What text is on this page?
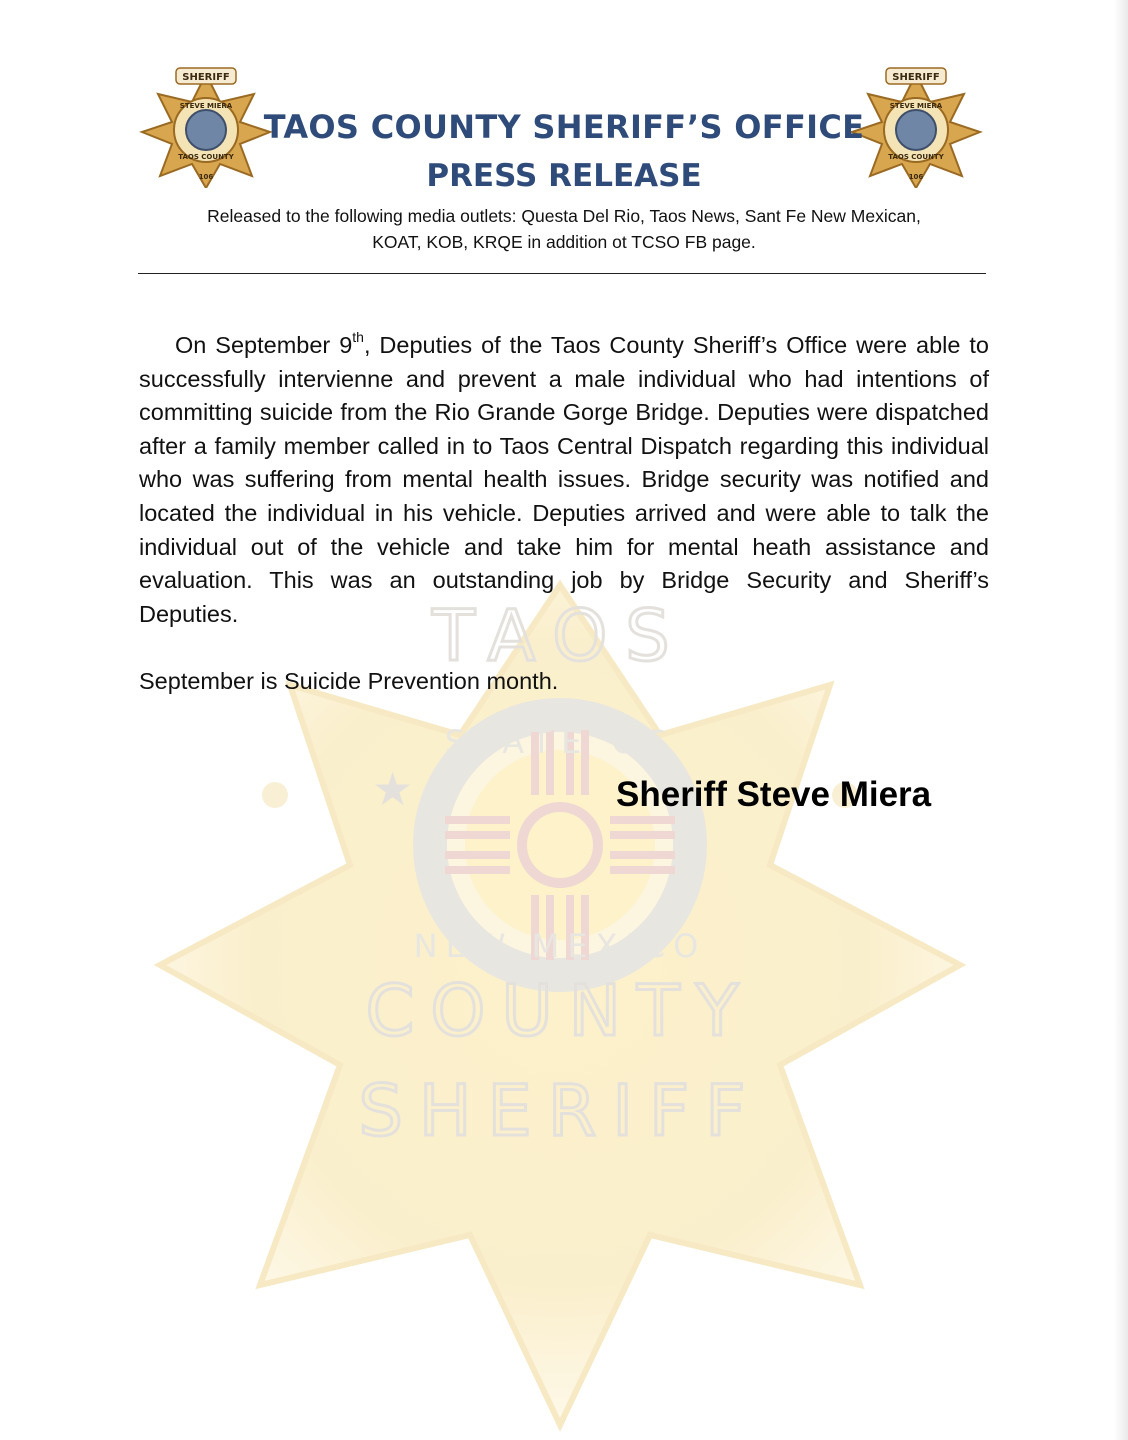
★
TAOS
STATE OF
NEW MEXICO
COUNTY
SHERIFF
SHERIFF
STEVE MIERA
TAOS COUNTY
106
SHERIFF
STEVE MIERA
TAOS COUNTY
106
TAOS COUNTY SHERIFF’S OFFICE
PRESS RELEASE
Released to the following media outlets: Questa Del Rio, Taos News, Sant Fe New Mexican,
KOAT, KOB, KRQE in addition ot TCSO FB page.

On September 9th, Deputies of the Taos County Sheriff’s Office were able to successfully intervienne and prevent a male individual who had intentions of committing suicide from the Rio Grande Gorge Bridge. Deputies were dispatched after a family member called in to Taos Central Dispatch regarding this individual who was suffering from mental health issues. Bridge security was notified and located the individual in his vehicle. Deputies arrived and were able to talk the individual out of the vehicle and take him for mental heath assistance and evaluation. This was an outstanding job by Bridge Security and Sheriff’s Deputies.

September is Suicide Prevention month.

Sheriff Steve Miera
